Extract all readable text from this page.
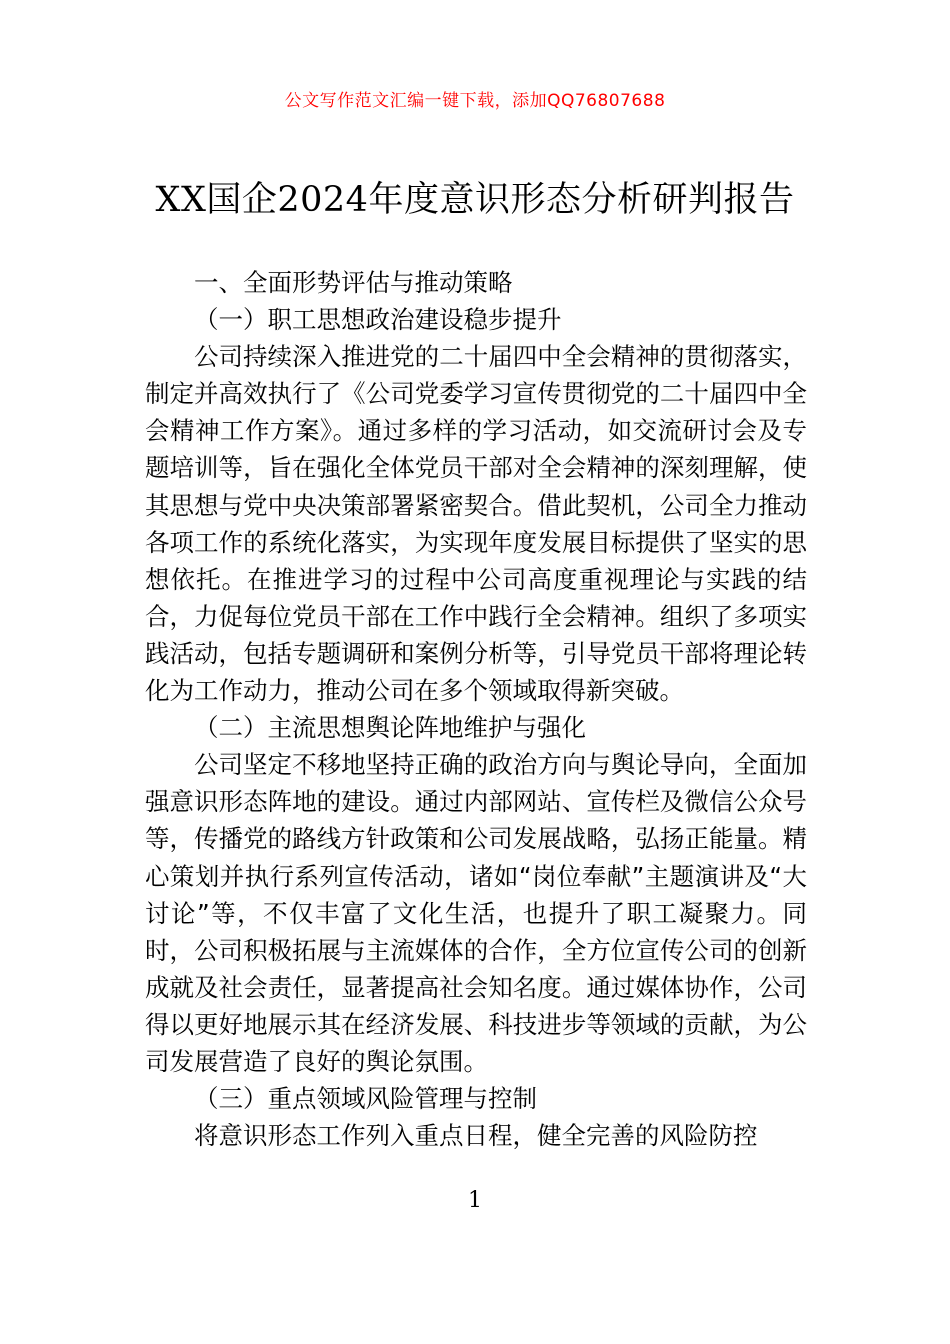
公文写作范文汇编一键下载，添加QQ76807688
XX国企2024年度意识形态分析研判报告

一、全面形势评估与推动策略

（一）职工思想政治建设稳步提升

公司持续深入推进党的二十届四中全会精神的贯彻落实，制定并高效执行了《公司党委学习宣传贯彻党的二十届四中全会精神工作方案》。通过多样的学习活动，如交流研讨会及专题培训等，旨在强化全体党员干部对全会精神的深刻理解，使其思想与党中央决策部署紧密契合。借此契机，公司全力推动各项工作的系统化落实，为实现年度发展目标提供了坚实的思想依托。在推进学习的过程中公司高度重视理论与实践的结合，力促每位党员干部在工作中践行全会精神。组织了多项实践活动，包括专题调研和案例分析等，引导党员干部将理论转化为工作动力，推动公司在多个领域取得新突破。

（二）主流思想舆论阵地维护与强化

公司坚定不移地坚持正确的政治方向与舆论导向，全面加强意识形态阵地的建设。通过内部网站、宣传栏及微信公众号等，传播党的路线方针政策和公司发展战略，弘扬正能量。精心策划并执行系列宣传活动，诸如“岗位奉献”主题演讲及“大讨论”等，不仅丰富了文化生活，也提升了职工凝聚力。同时，公司积极拓展与主流媒体的合作，全方位宣传公司的创新成就及社会责任，显著提高社会知名度。通过媒体协作，公司得以更好地展示其在经济发展、科技进步等领域的贡献，为公司发展营造了良好的舆论氛围。

（三）重点领域风险管理与控制

将意识形态工作列入重点日程，健全完善的风险防控

1
